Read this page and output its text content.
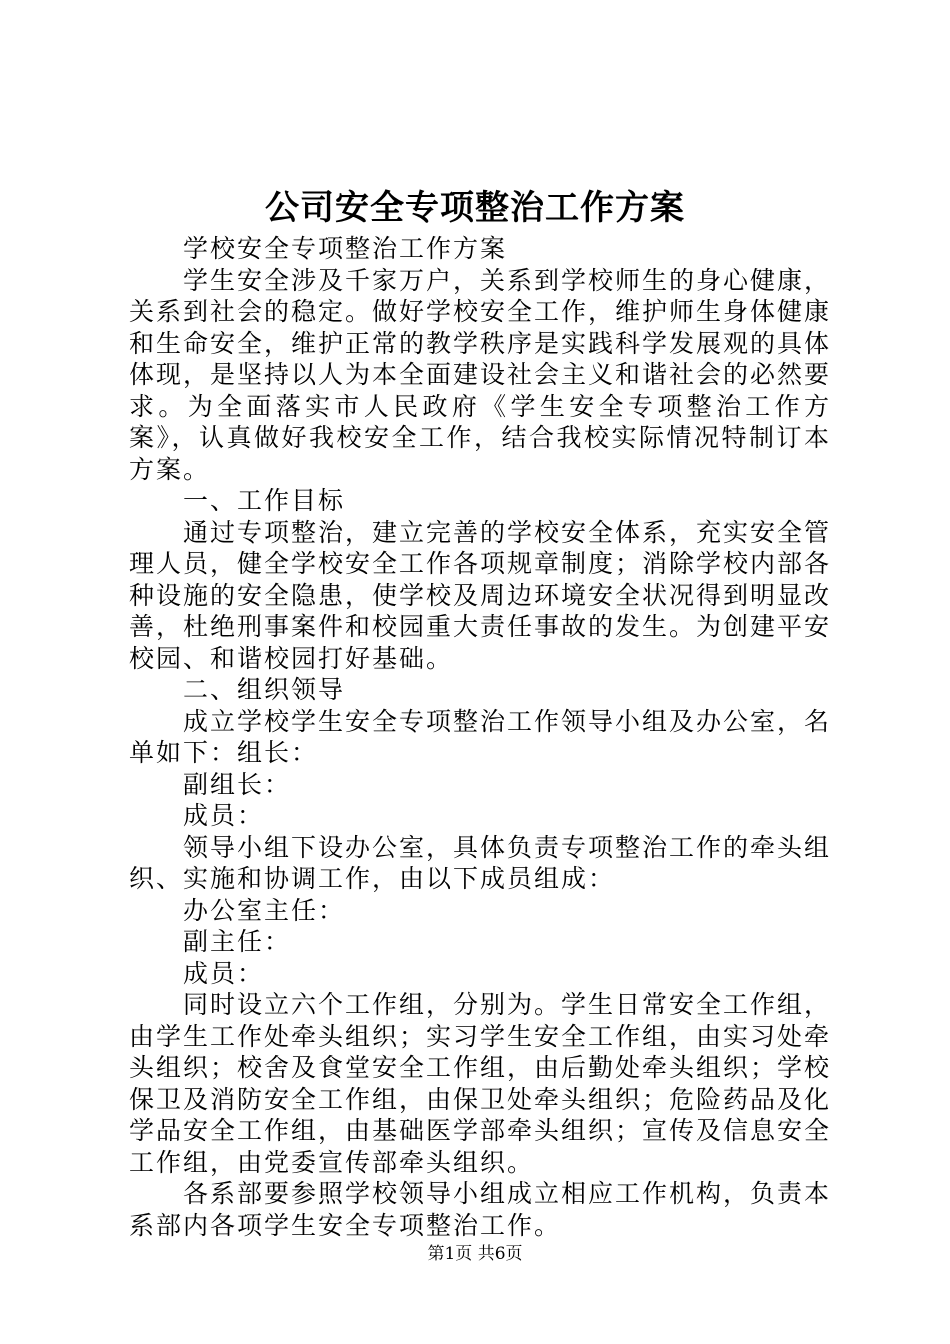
公司安全专项整治工作方案

学校安全专项整治工作方案

学生安全涉及千家万户，关系到学校师生的身心健康，关系到社会的稳定。做好学校安全工作，维护师生身体健康和生命安全，维护正常的教学秩序是实践科学发展观的具体体现，是坚持以人为本全面建设社会主义和谐社会的必然要求。为全面落实市人民政府《学生安全专项整治工作方案》，认真做好我校安全工作，结合我校实际情况特制订本方案。

一、工作目标

通过专项整治，建立完善的学校安全体系，充实安全管理人员，健全学校安全工作各项规章制度；消除学校内部各种设施的安全隐患，使学校及周边环境安全状况得到明显改善，杜绝刑事案件和校园重大责任事故的发生。为创建平安校园、和谐校园打好基础。

二、组织领导

成立学校学生安全专项整治工作领导小组及办公室，名单如下：组长：

副组长：

成员：

领导小组下设办公室，具体负责专项整治工作的牵头组织、实施和协调工作，由以下成员组成：

办公室主任：

副主任：

成员：

同时设立六个工作组，分别为。学生日常安全工作组，由学生工作处牵头组织；实习学生安全工作组，由实习处牵头组织；校舍及食堂安全工作组，由后勤处牵头组织；学校保卫及消防安全工作组，由保卫处牵头组织；危险药品及化学品安全工作组，由基础医学部牵头组织；宣传及信息安全工作组，由党委宣传部牵头组织。

各系部要参照学校领导小组成立相应工作机构，负责本系部内各项学生安全专项整治工作。

第1页 共6页
